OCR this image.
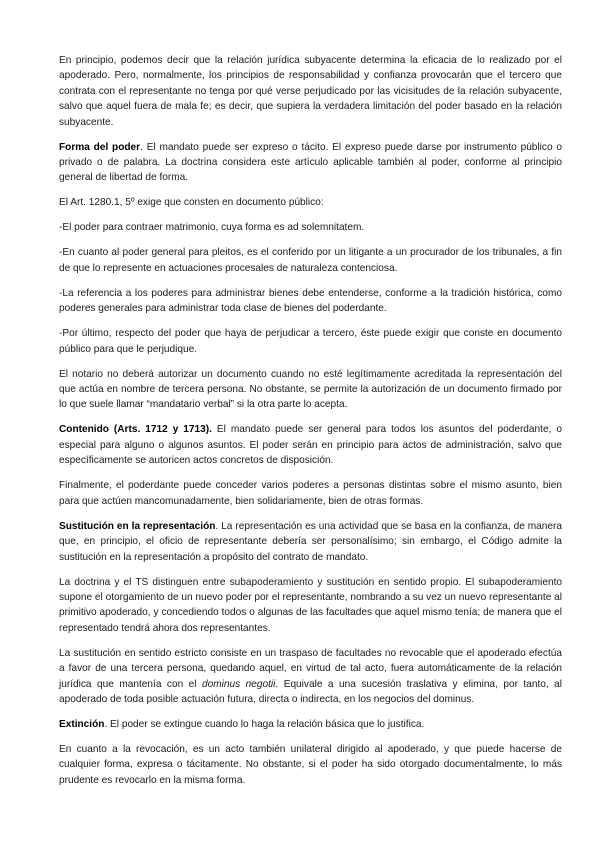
En principio, podemos decir que la relación jurídica subyacente determina la eficacia de lo realizado por el apoderado. Pero, normalmente, los principios de responsabilidad y confianza provocarán que el tercero que contrata con el representante no tenga por qué verse perjudicado por las vicisitudes de la relación subyacente, salvo que aquel fuera de mala fe; es decir, que supiera la verdadera limitación del poder basado en la relación subyacente.

Forma del poder. El mandato puede ser expreso o tácito. El expreso puede darse por instrumento público o privado o de palabra. La doctrina considera este artículo aplicable también al poder, conforme al principio general de libertad de forma.

El Art. 1280.1, 5º exige que consten en documento público:

-El poder para contraer matrimonio, cuya forma es ad solemnitatem.

-En cuanto al poder general para pleitos, es el conferido por un litigante a un procurador de los tribunales, a fin de que lo represente en actuaciones procesales de naturaleza contenciosa.

-La referencia a los poderes para administrar bienes debe entenderse, conforme a la tradición histórica, como poderes generales para administrar toda clase de bienes del poderdante.

-Por último, respecto del poder que haya de perjudicar a tercero, éste puede exigir que conste en documento público para que le perjudique.

El notario no deberá autorizar un documento cuando no esté legítimamente acreditada la representación del que actúa en nombre de tercera persona. No obstante, se permite la autorización de un documento firmado por lo que suele llamar “mandatario verbal” si la otra parte lo acepta.

Contenido (Arts. 1712 y 1713). El mandato puede ser general para todos los asuntos del poderdante, o especial para alguno o algunos asuntos. El poder serán en principio para actos de administración, salvo que específicamente se autoricen actos concretos de disposición.

Finalmente, el poderdante puede conceder varios poderes a personas distintas sobre el mismo asunto, bien para que actúen mancomunadamente, bien solidariamente, bien de otras formas.

Sustitución en la representación. La representación es una actividad que se basa en la confianza, de manera que, en principio, el oficio de representante debería ser personalísimo; sin embargo, el Código admite la sustitución en la representación a propósito del contrato de mandato.

La doctrina y el TS distinguen entre subapoderamiento y sustitución en sentido propio. El subapoderamiento supone el otorgamiento de un nuevo poder por el representante, nombrando a su vez un nuevo representante al primitivo apoderado, y concediendo todos o algunas de las facultades que aquel mismo tenía; de manera que el representado tendrá ahora dos representantes.

La sustitución en sentido estricto consiste en un traspaso de facultades no revocable que el apoderado efectúa a favor de una tercera persona, quedando aquel, en virtud de tal acto, fuera automáticamente de la relación jurídica que mantenía con el dominus negotii. Equivale a una sucesión traslativa y elimina, por tanto, al apoderado de toda posible actuación futura, directa o indirecta, en los negocios del dominus.

Extinción. El poder se extingue cuando lo haga la relación básica que lo justifica.

En cuanto a la revocación, es un acto también unilateral dirigido al apoderado, y que puede hacerse de cualquier forma, expresa o tácitamente. No obstante, si el poder ha sido otorgado documentalmente, lo más prudente es revocarlo en la misma forma.
